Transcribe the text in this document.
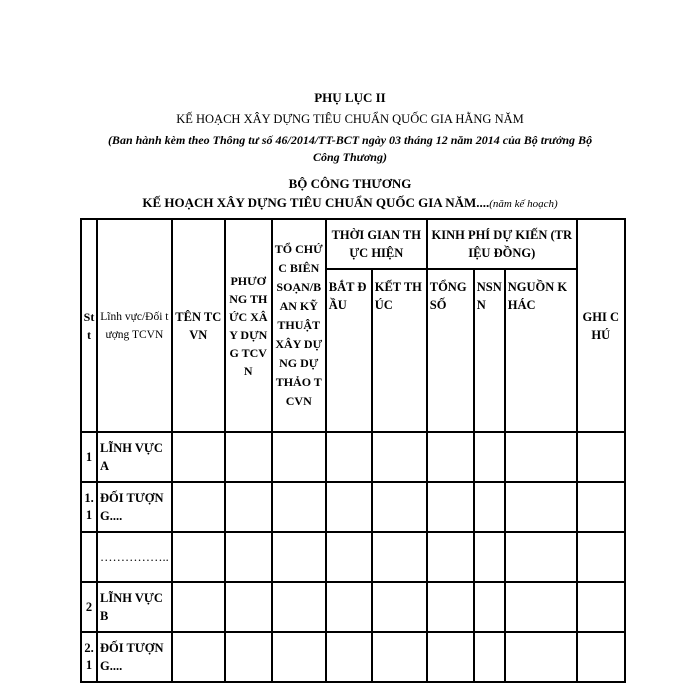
PHỤ LỤC II
KẾ HOẠCH XÂY DỰNG TIÊU CHUẨN QUỐC GIA HẰNG NĂM
(Ban hành kèm theo Thông tư số 46/2014/TT-BCT ngày 03 tháng 12 năm 2014 của Bộ trưởng Bộ
Công Thương)
BỘ CÔNG THƯƠNG
KẾ HOẠCH XÂY DỰNG TIÊU CHUẨN QUỐC GIA NĂM....(năm kế hoạch)
Stt	Lĩnh vực/Đối tượng TCVN	TÊN TCVN	PHƯƠNG THỨC XÂY DỰNG TCVN	TỔ CHỨC BIÊN SOẠN/BAN KỸ THUẬT XÂY DỰNG DỰ THẢO TCVN	THỜI GIAN THỰC HIỆN		KINH PHÍ DỰ KIẾN (TRIỆU ĐỒNG)			GHI CHÚ
					BẮT ĐẦU	KẾT THÚC	TỔNG SỐ	NSNN	NGUỒN KHÁC	
1	LĨNH VỰC A									
1.1	ĐỐI TƯỢNG....									
	……………..									
2	LĨNH VỰC B									
2.1	ĐỐI TƯỢNG....									
